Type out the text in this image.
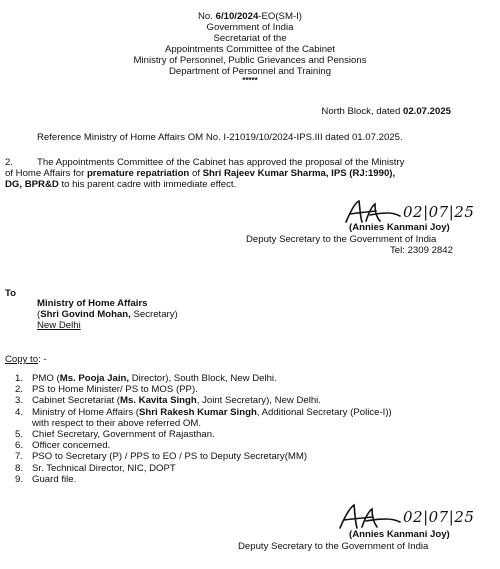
No. 6/10/2024-EO(SM-I)
Government of India
Secretariat of the
Appointments Committee of the Cabinet
Ministry of Personnel, Public Grievances and Pensions
Department of Personnel and Training
*****
North Block, dated 02.07.2025
Reference Ministry of Home Affairs OM No. I-21019/10/2024-IPS.III dated 01.07.2025.
2. The Appointments Committee of the Cabinet has approved the proposal of the Ministry
of Home Affairs for premature repatriation of Shri Rajeev Kumar Sharma, IPS (RJ:1990),
DG, BPR&D to his parent cadre with immediate effect.
02|07|25
(Annies Kanmani Joy)
Deputy Secretary to the Government of India
Tel: 2309 2842
To
Ministry of Home Affairs
(Shri Govind Mohan, Secretary)
New Delhi
Copy to: -
1. PMO (Ms. Pooja Jain, Director), South Block, New Delhi.
2. PS to Home Minister/ PS to MOS (PP).
3. Cabinet Secretariat (Ms. Kavita Singh, Joint Secretary), New Delhi.
4. Ministry of Home Affairs (Shri Rakesh Kumar Singh, Additional Secretary (Police-I))
with respect to their above referred OM.
5. Chief Secretary, Government of Rajasthan.
6. Officer concerned.
7. PSO to Secretary (P) / PPS to EO / PS to Deputy Secretary(MM)
8. Sr. Technical Director, NIC, DOPT
9. Guard file.
02|07|25
(Annies Kanmani Joy)
Deputy Secretary to the Government of India
